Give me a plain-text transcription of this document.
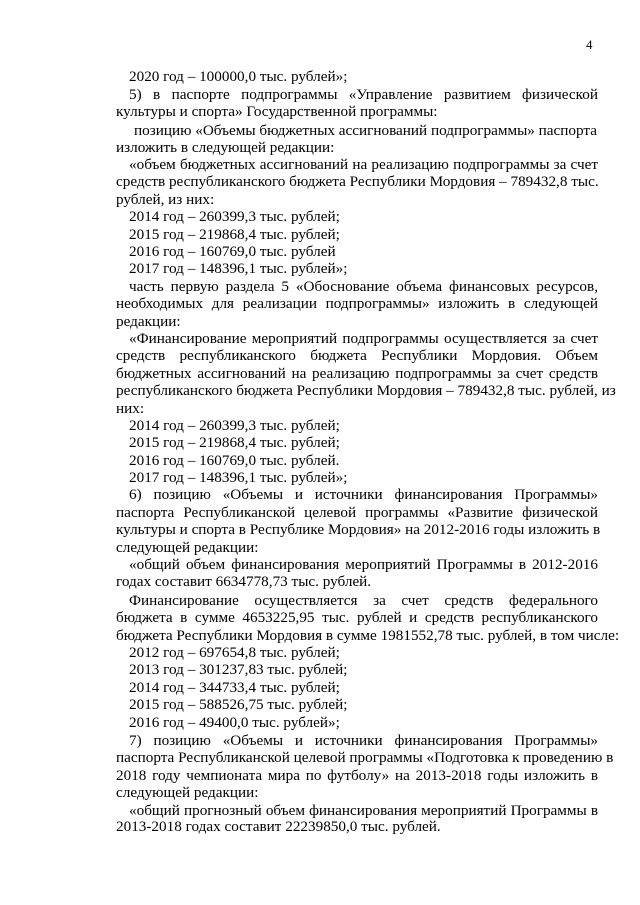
4
2020 год – 100000,0 тыс. рублей»;
5) в паспорте подпрограммы «Управление развитием физической
культуры и спорта» Государственной программы:
позицию «Объемы бюджетных ассигнований подпрограммы» паспорта
изложить в следующей редакции:
«объем бюджетных ассигнований на реализацию подпрограммы за счет
средств республиканского бюджета Республики Мордовия – 789432,8 тыс.
рублей, из них:
2014 год – 260399,3 тыс. рублей;
2015 год – 219868,4 тыс. рублей;
2016 год – 160769,0 тыс. рублей
2017 год – 148396,1 тыс. рублей»;
часть первую раздела 5 «Обоснование объема финансовых ресурсов,
необходимых для реализации подпрограммы» изложить в следующей
редакции:
«Финансирование мероприятий подпрограммы осуществляется за счет
средств республиканского бюджета Республики Мордовия. Объем
бюджетных ассигнований на реализацию подпрограммы за счет средств
республиканского бюджета Республики Мордовия – 789432,8 тыс. рублей, из
них:
2014 год – 260399,3 тыс. рублей;
2015 год – 219868,4 тыс. рублей;
2016 год – 160769,0 тыс. рублей.
2017 год – 148396,1 тыс. рублей»;
6) позицию «Объемы и источники финансирования Программы»
паспорта Республиканской целевой программы «Развитие физической
культуры и спорта в Республике Мордовия» на 2012-2016 годы изложить в
следующей редакции:
«общий объем финансирования мероприятий Программы в 2012-2016
годах составит 6634778,73 тыс. рублей.
Финансирование осуществляется за счет средств федерального
бюджета в сумме 4653225,95 тыс. рублей и средств республиканского
бюджета Республики Мордовия в сумме 1981552,78 тыс. рублей, в том числе:
2012 год – 697654,8 тыс. рублей;
2013 год – 301237,83 тыс. рублей;
2014 год – 344733,4 тыс. рублей;
2015 год – 588526,75 тыс. рублей;
2016 год – 49400,0 тыс. рублей»;
7) позицию «Объемы и источники финансирования Программы»
паспорта Республиканской целевой программы «Подготовка к проведению в
2018 году чемпионата мира по футболу» на 2013-2018 годы изложить в
следующей редакции:
«общий прогнозный объем финансирования мероприятий Программы в
2013-2018 годах составит 22239850,0 тыс. рублей.
